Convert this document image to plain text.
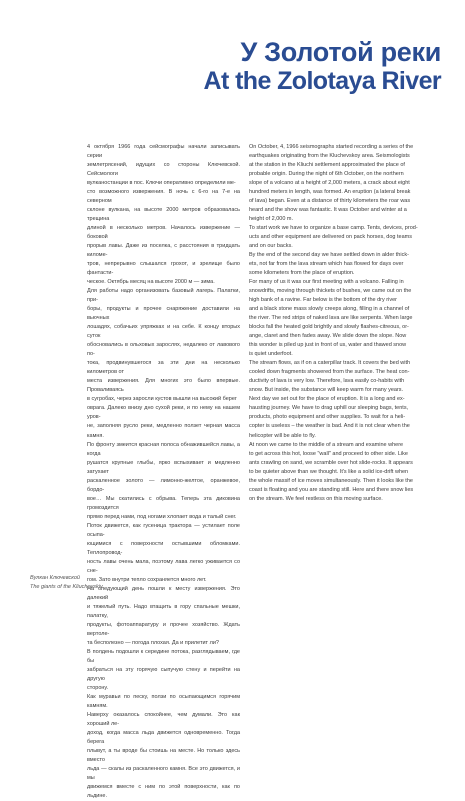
У Золотой реки
At the Zolotaya River

4 октября 1966 года сейсмографы начали записывать серии

землетрясений, идущих со стороны Ключевской. Сейсмологи

вулканостанции в пос. Ключи оперативно определили ме-

сто возможного извержения. В ночь с 6-го на 7-е на северном

склоне вулкана, на высоте 2000 метров образовалась трещина

длиной в несколько метров. Началось извержение — боковой

прорыв лавы. Даже из поселка, с расстояния в тридцать киломе-

тров, непрерывно слышался грохот, и зрелище было фантасти-

ческое. Октябрь месяц на высоте 2000 м — зима.

Для работы надо организовать базовый лагерь. Палатки, при-

боры, продукты и прочее снаряжение доставили на вьючных

лошадях, собачьих упряжках и на себе. К концу вторых суток

обосновались в ольховых зарослях, недалеко от лавового по-

тока, продвинувшегося за эти дни на несколько километров от

места извержения. Для многих это было впервые. Проваливаясь

в сугробах, через заросли кустов вышли на высокий берег

оврага. Далеко внизу дно сухой реки, и по нему на нашем уров-

не, заполняя русло реки, медленно ползет черная масса камня.

По фронту змеится красная полоса обнажившейся лавы, а когда

рушатся крупные глыбы, ярко вспыхивает и медленно затухает

раскаленное золото — лимонно-желтое, оранжевое, бордо-

вое… Мы скатились с обрыва. Теперь эта диковина громоздится

прямо перед нами, под ногами хлопает вода и талый снег.

Поток движется, как гусеница трактора — устилает поле осыпа-

ющимися с поверхности остывшими обломками. Теплопровод-

ность лавы очень мала, поэтому лава легко уживается со сне-

гом. Зато внутри тепло сохраняется много лет.

На следующий день пошли к месту извержения. Это далекий

и тяжелый путь. Надо втащить в гору спальные мешки, палатку,

продукты, фотоаппаратуру и прочее хозяйство. Ждать вертоле-

та бесполезно — погода плохая. Да и прилетит ли?

В полдень подошли к середине потока, разглядываем, где бы

забраться на эту горячую сыпучую стену и перейти на другую

сторону.

Как муравьи по песку, ползи по осыпающимся горячим камням.

Наверху оказалось спокойнее, чем думали. Это как хороший ле-

доход, когда масса льда движется одновременно. Тогда берега

плывут, а ты вроде бы стоишь на месте. Но только здесь вместо

льда — скалы из раскаленного камня. Все это движется, и мы

движемся вместе с ним по этой поверхности, как по льдине.

On October, 4, 1966 seismographs started recording a series of the

earthquakes originating from the Kluchevskoy area. Seismologists

at the station in the Kliuchi settlement approximated the place of

probable origin. During the night of 6th October, on the northern

slope of a volcano at a height of 2,000 meters, a crack about eight

hundred meters in length, was formed. An eruption (a lateral break

of lava) began. Even at a distance of thirty kilometers the roar was

heard and the show was fantastic. It was October and winter at a

height of 2,000 m.

To start work we have to organize a base camp. Tents, devices, prod-

ucts and other equipment are delivered on pack horses, dog teams

and on our backs.

By the end of the second day we have settled down in alder thick-

ets, not far from the lava stream which has flowed for days over

some kilometers from the place of eruption.

For many of us it was our first meeting with a volcano. Falling in

snowdrifts, moving through thickets of bushes, we came out on the

high bank of a ravine. Far below is the bottom of the dry river

and a black stone mass slowly creeps along, filling in a channel of

the river. The red strips of naked lava are like serpents. When large

blocks fall the heated gold brightly and slowly flashes-citreous, or-

ange, claret and then fades away. We slide down the slope. Now

this wonder is piled up just in front of us, water and thawed snow

is quiet underfoot.

The stream flows, as if on a caterpillar track. It covers the bed with

cooled down fragments showered from the surface. The heat con-

ductivity of lava is very low. Therefore, lava easily co-habits with

snow. But inside, the substance will keep warm for many years.

Next day we set out for the place of eruption. It is a long and ex-

hausting journey. We have to drag uphill our sleeping bags, tents,

products, photo equipment and other supplies. To wait for a heli-

copter is useless – the weather is bad. And it is not clear when the

helicopter will be able to fly.

At noon we came to the middle of a stream and examine where

to get across this hot, loose "wall" and proceed to other side. Like

ants crawling on sand, we scramble over hot slide-rocks. It appears

to be quieter above than we thought. It's like a solid ice-drift when

the whole massif of ice moves simultaneously. Then it looks like the

coast is floating and you are standing still. Here and there snow lies

on the stream. We feel restless on this moving surface.

Вулкан Ключевской
The giants of the Kliuchevskiy
